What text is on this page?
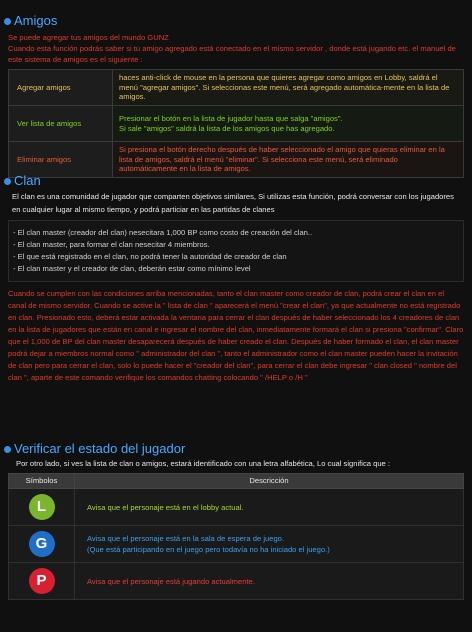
Amigos
Se puede agregar tus amigos del mundo GUNZ
Cuando esta función podrás saber si tu amigo agregado está conectado en el mismo servidor , donde está jugando etc. el manuel de este sistema de amigos es el siguiente :
Agregar amigos	haces anti-click de mouse en la persona que quieres agregar como amigos en Lobby, saldrá el menú "agregar amigos". Si seleccionas este menú, será agregado automática-mente en la lista de amigos.
Ver lista de amigos	Presionar el botón en la lista de jugador hasta que salga "amigos".
Si sale "amigos" saldrá la lista de los amigos que has agregado.
Eliminar amigos	Si presiona el botón derecho después de haber seleccionado el amigo que quieras eliminar en la lista de amigos, saldrá el menú "eliminar". Si selecciona este menú, será eliminado automáticamente en la lista de amigos.
Clan
El clan es una comunidad de jugador que comparten objetivos similares, Si utilizas esta función, podrá conversar con los jugadores en cualquier lugar al mismo tiempo, y podrá particiar en las partidas de clanes
- El clan master (creador del clan) nesecitara 1,000 BP como costo de creación del clan..
- El clan master, para formar el clan nesecitar 4 miembros.
- El que está registrado en el clan, no podrá tener la autoridad de creador de clan
- El clan master y el creador de clan, deberán estar como mínimo level
Cuando se cumplen con las condiciones arriba mencionadas, tanto el clan master como creador de clan, podrá crear el clan en el canal de mismo servidor. Cuando se active la " lista de clan " aparecerá el menú "crear el clan", ya que actualmente no está registrado en clan. Presionado esto, deberá estar activada la ventana para cerrar el clan después de haber seleccionado los 4 creadores de clan en la lista de jugadores que están en canal e ingresar el nombre del clan, inmediatamente formará el clan si presiona "confirmar". Claro que el 1,000 de BP del clan master desaparecerá después de haber creado el clan. Después de haber formado el clan, el clan master podrá dejar a miembros normal como " administrador del clan ", tanto el administrador como el clan master pueden hacer la invitación de clan pero para cerrar el clan, solo lo puede hacer el "creador del clan", para cerrar el clan debe ingresar " clan closed " nombre del clan ", aparte de este comando verifique los comandos chatting colocando " /HELP o /H "
Verificar el estado del jugador
Por otro lado, si ves la lista de clan o amigos, estará identificado con una letra alfabética, Lo cual significa que :
Símbolos	Descricción
L	Avisa que el personaje está en el lobby actual.
G	Avisa que el personaje está en la sala de espera de juego.
(Que está participando en el juego pero todavía no ha iniciado el juego.)
P	Avisa que el personaje está jugando actualmente.
